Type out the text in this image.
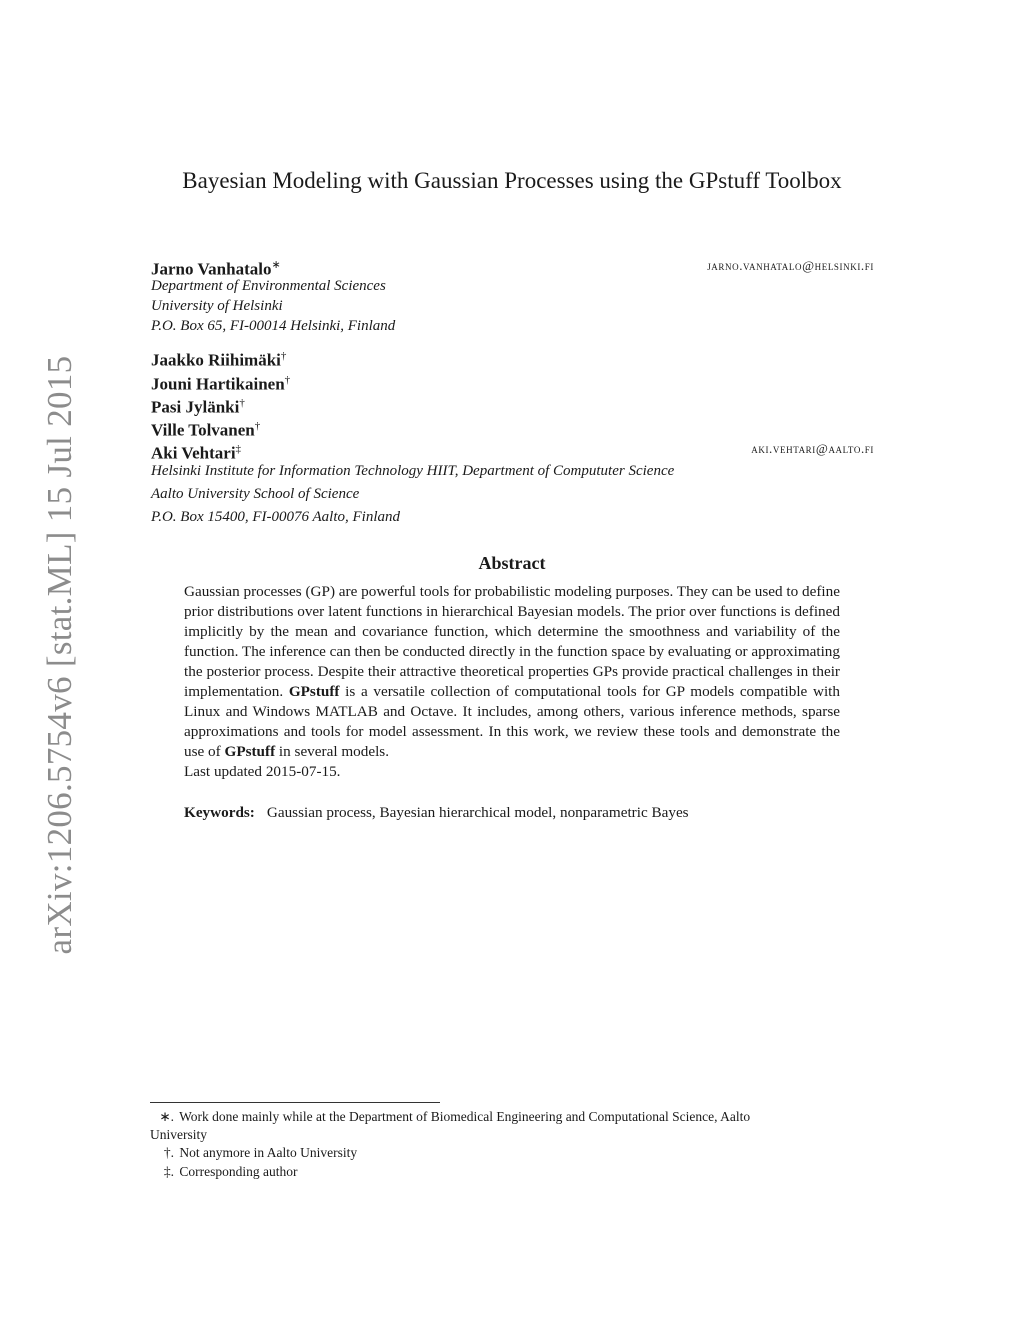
arXiv:1206.5754v6 [stat.ML] 15 Jul 2015
Bayesian Modeling with Gaussian Processes using the GPstuff Toolbox
Jarno Vanhatalo∗	jarno.vanhatalo@helsinki.fi
Department of Environmental Sciences
University of Helsinki
P.O. Box 65, FI-00014 Helsinki, Finland
Jaakko Riihimäki†
Jouni Hartikainen†
Pasi Jylänki†
Ville Tolvanen†
Aki Vehtari‡	aki.vehtari@aalto.fi
Helsinki Institute for Information Technology HIIT, Department of Compututer Science
Aalto University School of Science
P.O. Box 15400, FI-00076 Aalto, Finland
Abstract

Gaussian processes (GP) are powerful tools for probabilistic modeling purposes. They can be used to define prior distributions over latent functions in hierarchical Bayesian models. The prior over functions is defined implicitly by the mean and covariance function, which determine the smoothness and variability of the function. The inference can then be conducted directly in the function space by evaluating or approximating the posterior process. Despite their attractive theoretical properties GPs provide practical challenges in their implementation. GPstuff is a versatile collection of computational tools for GP models compatible with Linux and Windows MATLAB and Octave. It includes, among others, various inference methods, sparse approximations and tools for model assessment. In this work, we review these tools and demonstrate the use of GPstuff in several models.
Last updated 2015-07-15.

Keywords: Gaussian process, Bayesian hierarchical model, nonparametric Bayes
∗. Work done mainly while at the Department of Biomedical Engineering and Computational Science, Aalto
University
†. Not anymore in Aalto University
‡. Corresponding author
